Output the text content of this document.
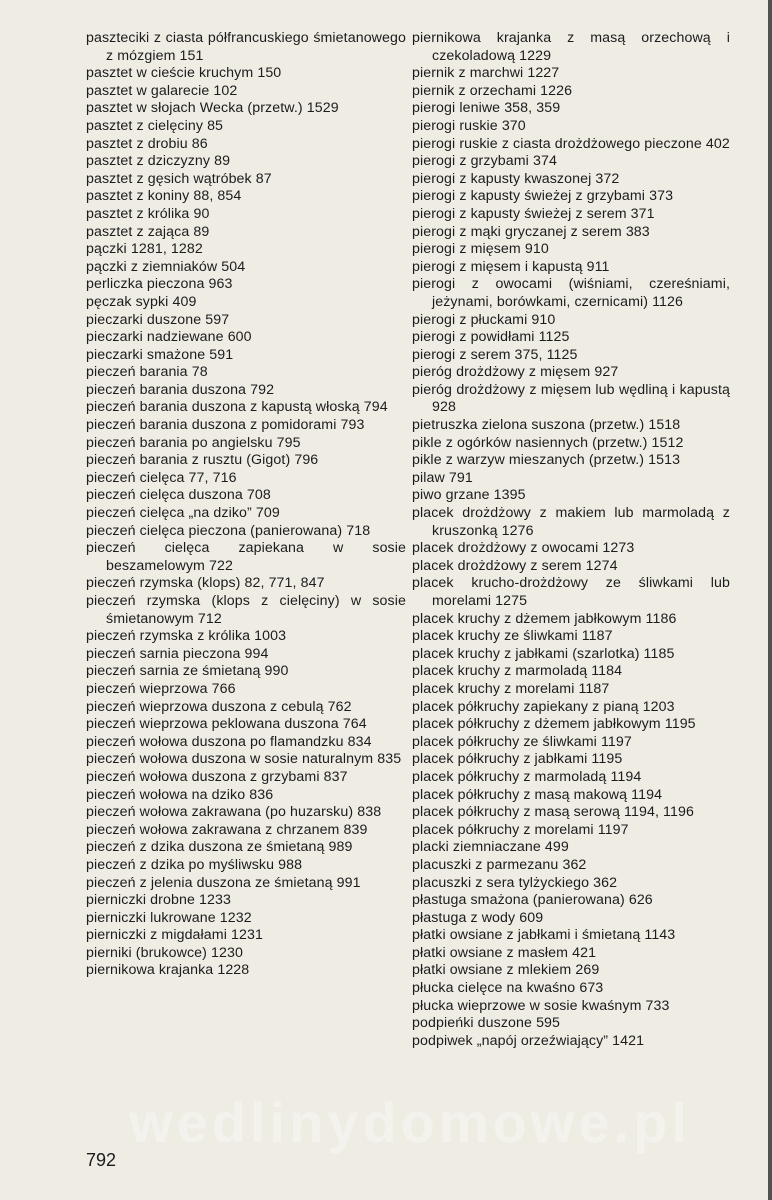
paszteciki z ciasta półfrancuskiego śmietanowego z mózgiem 151
pasztet w cieście kruchym 150
pasztet w galarecie 102
pasztet w słojach Wecka (przetw.) 1529
pasztet z cielęciny 85
pasztet z drobiu 86
pasztet z dziczyzny 89
pasztet z gęsich wątróbek 87
pasztet z koniny 88, 854
pasztet z królika 90
pasztet z zająca 89
pączki 1281, 1282
pączki z ziemniaków 504
perliczka pieczona 963
pęczak sypki 409
pieczarki duszone 597
pieczarki nadziewane 600
pieczarki smażone 591
pieczeń barania 78
pieczeń barania duszona 792
pieczeń barania duszona z kapustą włoską 794
pieczeń barania duszona z pomidorami 793
pieczeń barania po angielsku 795
pieczeń barania z rusztu (Gigot) 796
pieczeń cielęca 77, 716
pieczeń cielęca duszona 708
pieczeń cielęca „na dziko” 709
pieczeń cielęca pieczona (panierowana) 718
pieczeń cielęca zapiekana w sosie beszamelowym 722
pieczeń rzymska (klops) 82, 771, 847
pieczeń rzymska (klops z cielęciny) w sosie śmietanowym 712
pieczeń rzymska z królika 1003
pieczeń sarnia pieczona 994
pieczeń sarnia ze śmietaną 990
pieczeń wieprzowa 766
pieczeń wieprzowa duszona z cebulą 762
pieczeń wieprzowa peklowana duszona 764
pieczeń wołowa duszona po flamandzku 834
pieczeń wołowa duszona w sosie naturalnym 835
pieczeń wołowa duszona z grzybami 837
pieczeń wołowa na dziko 836
pieczeń wołowa zakrawana (po huzarsku) 838
pieczeń wołowa zakrawana z chrzanem 839
pieczeń z dzika duszona ze śmietaną 989
pieczeń z dzika po myśliwsku 988
pieczeń z jelenia duszona ze śmietaną 991
pierniczki drobne 1233
pierniczki lukrowane 1232
pierniczki z migdałami 1231
pierniki (brukowce) 1230
piernikowa krajanka 1228
piernikowa krajanka z masą orzechową i czekoladową 1229
piernik z marchwi 1227
piernik z orzechami 1226
pierogi leniwe 358, 359
pierogi ruskie 370
pierogi ruskie z ciasta drożdżowego pieczone 402
pierogi z grzybami 374
pierogi z kapusty kwaszonej 372
pierogi z kapusty świeżej z grzybami 373
pierogi z kapusty świeżej z serem 371
pierogi z mąki gryczanej z serem 383
pierogi z mięsem 910
pierogi z mięsem i kapustą 911
pierogi z owocami (wiśniami, czereśniami, jeżynami, borówkami, czernicami) 1126
pierogi z płuckami 910
pierogi z powidłami 1125
pierogi z serem 375, 1125
pieróg drożdżowy z mięsem 927
pieróg drożdżowy z mięsem lub wędliną i kapustą 928
pietruszka zielona suszona (przetw.) 1518
pikle z ogórków nasiennych (przetw.) 1512
pikle z warzyw mieszanych (przetw.) 1513
pilaw 791
piwo grzane 1395
placek drożdżowy z makiem lub marmoladą z kruszonką 1276
placek drożdżowy z owocami 1273
placek drożdżowy z serem 1274
placek krucho-drożdżowy ze śliwkami lub morelami 1275
placek kruchy z dżemem jabłkowym 1186
placek kruchy ze śliwkami 1187
placek kruchy z jabłkami (szarlotka) 1185
placek kruchy z marmoladą 1184
placek kruchy z morelami 1187
placek półkruchy zapiekany z pianą 1203
placek półkruchy z dżemem jabłkowym 1195
placek półkruchy ze śliwkami 1197
placek półkruchy z jabłkami 1195
placek półkruchy z marmoladą 1194
placek półkruchy z masą makową 1194
placek półkruchy z masą serową 1194, 1196
placek półkruchy z morelami 1197
placki ziemniaczane 499
placuszki z parmezanu 362
placuszki z sera tylżyckiego 362
płastuga smażona (panierowana) 626
płastuga z wody 609
płatki owsiane z jabłkami i śmietaną 1143
płatki owsiane z masłem 421
płatki owsiane z mlekiem 269
płucka cielęce na kwaśno 673
płucka wieprzowe w sosie kwaśnym 733
podpieńki duszone 595
podpiwek „napój orzeźwiający” 1421
wedlinydomowe.pl
792
